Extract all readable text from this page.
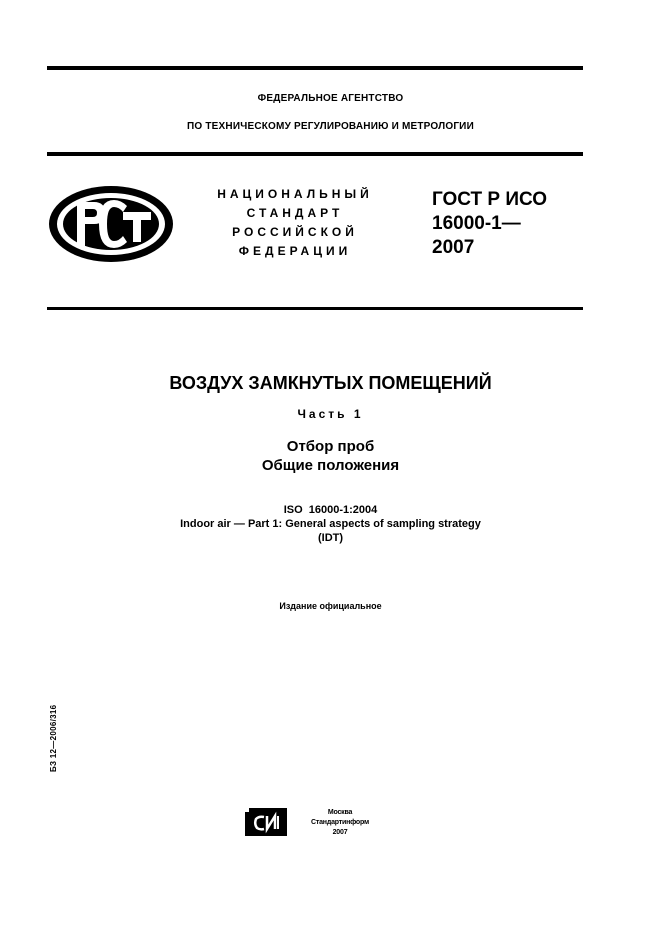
ФЕДЕРАЛЬНОЕ АГЕНТСТВО
ПО ТЕХНИЧЕСКОМУ РЕГУЛИРОВАНИЮ И МЕТРОЛОГИИ
НАЦИОНАЛЬНЫЙ
СТАНДАРТ
РОССИЙСКОЙ
ФЕДЕРАЦИИ
ГОСТ Р ИСО
16000-1—
2007
ВОЗДУХ ЗАМКНУТЫХ ПОМЕЩЕНИЙ
Часть 1
Отбор проб
Общие положения
ISO  16000-1:2004
Indoor air — Part 1: General aspects of sampling strategy
(IDT)
Издание официальное
БЗ 12—2006/316
Москва
Стандартинформ
2007
